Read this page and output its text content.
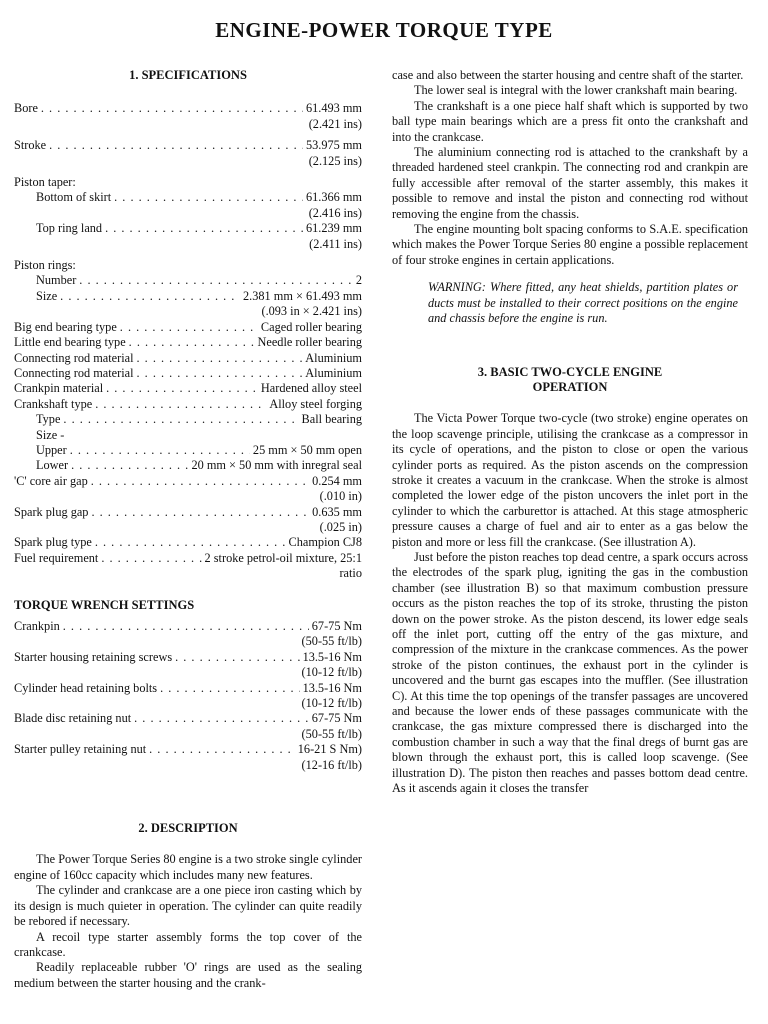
ENGINE-POWER TORQUE TYPE
1. SPECIFICATIONS
Bore . . .	61.493 mm
(2.421 ins)
Stroke . . .	53.975 mm
(2.125 ins)
Piston taper:
Bottom of skirt . . .	61.366 mm
(2.416 ins)
Top ring land . . .	61.239 mm
(2.411 ins)
Piston rings:
Number . . .	2
Size . . .	2.381 mm × 61.493 mm
(.093 in × 2.421 ins)
Big end bearing type . . .	Caged roller bearing
Little end bearing type . . .	Needle roller bearing
Connecting rod material . . .	Aluminium
Connecting rod material . . .	Aluminium
Crankpin material . . .	Hardened alloy steel
Crankshaft type . . .	Alloy steel forging
Type . . .	Ball bearing
Size -
Upper . . .	25 mm × 50 mm open
Lower . . .	20 mm × 50 mm with inregral seal
'C' core air gap . . .	0.254 mm
(.010 in)
Spark plug gap . . .	0.635 mm
(.025 in)
Spark plug type . . .	Champion CJ8
Fuel requirement . . .	2 stroke petrol-oil mixture, 25:1
ratio
TORQUE WRENCH SETTINGS
Crankpin . . .	67-75 Nm
(50-55 ft/lb)
Starter housing retaining screws . . .	13.5-16 Nm
(10-12 ft/lb)
Cylinder head retaining bolts . . .	13.5-16 Nm
(10-12 ft/lb)
Blade disc retaining nut . . .	67-75 Nm
(50-55 ft/lb)
Starter pulley retaining nut . . .	16-21 S Nm)
(12-16 ft/lb)
2. DESCRIPTION

The Power Torque Series 80 engine is a two stroke single cylinder engine of 160cc capacity which includes many new features.

The cylinder and crankcase are a one piece iron casting which by its design is much quieter in operation. The cylinder can quite readily be rebored if necessary.

A recoil type starter assembly forms the top cover of the crankcase.

Readily replaceable rubber 'O' rings are used as the sealing medium between the starter housing and the crank-

case and also between the starter housing and centre shaft of the starter.

The lower seal is integral with the lower crankshaft main bearing.

The crankshaft is a one piece half shaft which is supported by two ball type main bearings which are a press fit onto the crankshaft and into the crankcase.

The aluminium connecting rod is attached to the crankshaft by a threaded hardened steel crankpin. The connecting rod and crankpin are fully accessible after removal of the starter assembly, this makes it possible to remove and instal the piston and connecting rod without removing the engine from the chassis.

The engine mounting bolt spacing conforms to S.A.E. specification which makes the Power Torque Series 80 engine a possible replacement of four stroke engines in certain applications.

WARNING: Where fitted, any heat shields, partition plates or ducts must be installed to their correct positions on the engine and chassis before the engine is run.
3. BASIC TWO-CYCLE ENGINE
OPERATION

The Victa Power Torque two-cycle (two stroke) engine operates on the loop scavenge principle, utilising the crankcase as a compressor in its cycle of operations, and the piston to close or open the various cylinder ports as required. As the piston ascends on the compression stroke it creates a vacuum in the crankcase. When the stroke is almost completed the lower edge of the piston uncovers the inlet port in the cylinder to which the carburettor is attached. At this stage atmospheric pressure causes a charge of fuel and air to enter as a gas below the piston and more or less fill the crankcase. (See illustration A).

Just before the piston reaches top dead centre, a spark occurs across the electrodes of the spark plug, igniting the gas in the combustion chamber (see illustration B) so that maximum combustion pressure occurs as the piston reaches the top of its stroke, thrusting the piston down on the power stroke. As the piston descend, its lower edge seals off the inlet port, cutting off the entry of the gas mixture, and compression of the mixture in the crankcase commences. As the power stroke of the piston continues, the exhaust port in the cylinder is uncovered and the burnt gas escapes into the muffler. (See illustration C). At this time the top openings of the transfer passages are uncovered and because the lower ends of these passages communicate with the crankcase, the gas mixture compressed there is discharged into the combustion chamber in such a way that the final dregs of burnt gas are blown through the exhaust port, this is called loop scavenge. (See illustration D). The piston then reaches and passes bottom dead centre. As it ascends again it closes the transfer
